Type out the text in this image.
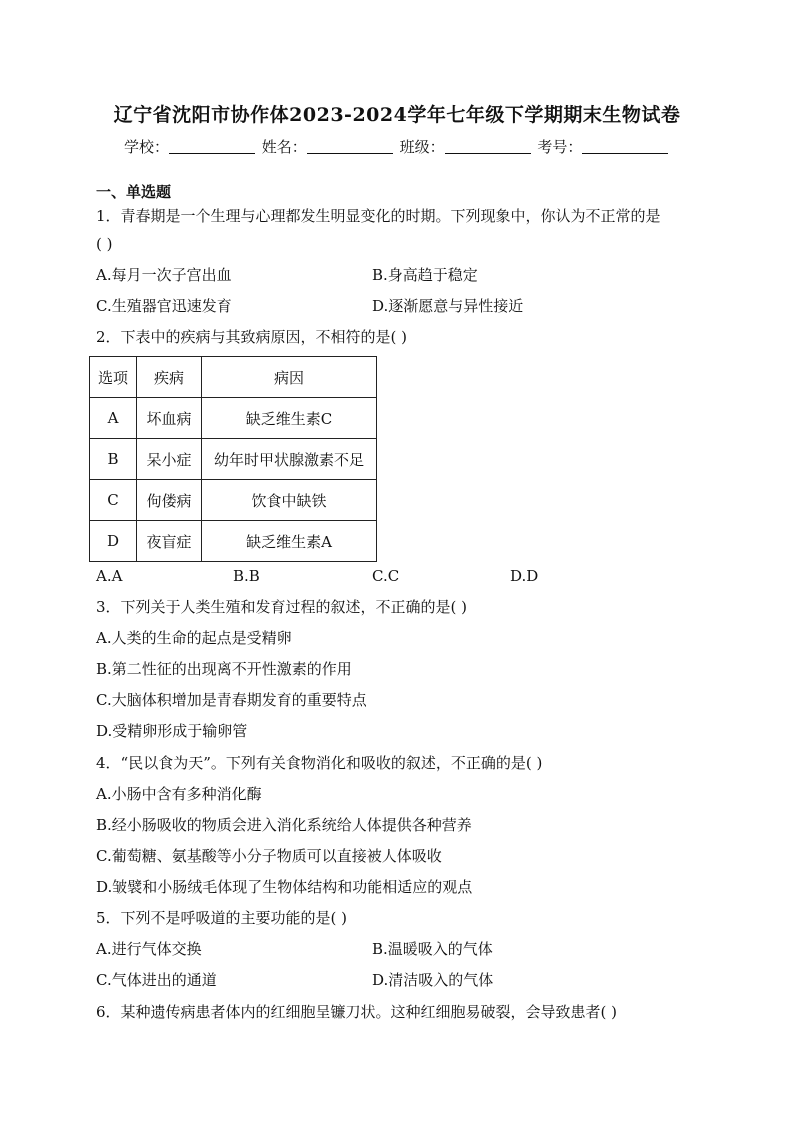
辽宁省沈阳市协作体2023-2024学年七年级下学期期末生物试卷
学校：	姓名：	班级：	考号：
一、单选题
1．青春期是一个生理与心理都发生明显变化的时期。下列现象中，你认为不正常的是
( )
A.每月一次子宫出血	B.身高趋于稳定
C.生殖器官迅速发育	D.逐渐愿意与异性接近
2．下表中的疾病与其致病原因，不相符的是( )
选项	疾病	病因
A	坏血病	缺乏维生素C
B	呆小症	幼年时甲状腺激素不足
C	佝偻病	饮食中缺铁
D	夜盲症	缺乏维生素A
A.A	B.B	C.C	D.D
3．下列关于人类生殖和发育过程的叙述，不正确的是( )
A.人类的生命的起点是受精卵
B.第二性征的出现离不开性激素的作用
C.大脑体积增加是青春期发育的重要特点
D.受精卵形成于输卵管
4．“民以食为天”。下列有关食物消化和吸收的叙述，不正确的是( )
A.小肠中含有多种消化酶
B.经小肠吸收的物质会进入消化系统给人体提供各种营养
C.葡萄糖、氨基酸等小分子物质可以直接被人体吸收
D.皱襞和小肠绒毛体现了生物体结构和功能相适应的观点
5．下列不是呼吸道的主要功能的是( )
A.进行气体交换	B.温暖吸入的气体
C.气体进出的通道	D.清洁吸入的气体
6．某种遗传病患者体内的红细胞呈镰刀状。这种红细胞易破裂，会导致患者( )
